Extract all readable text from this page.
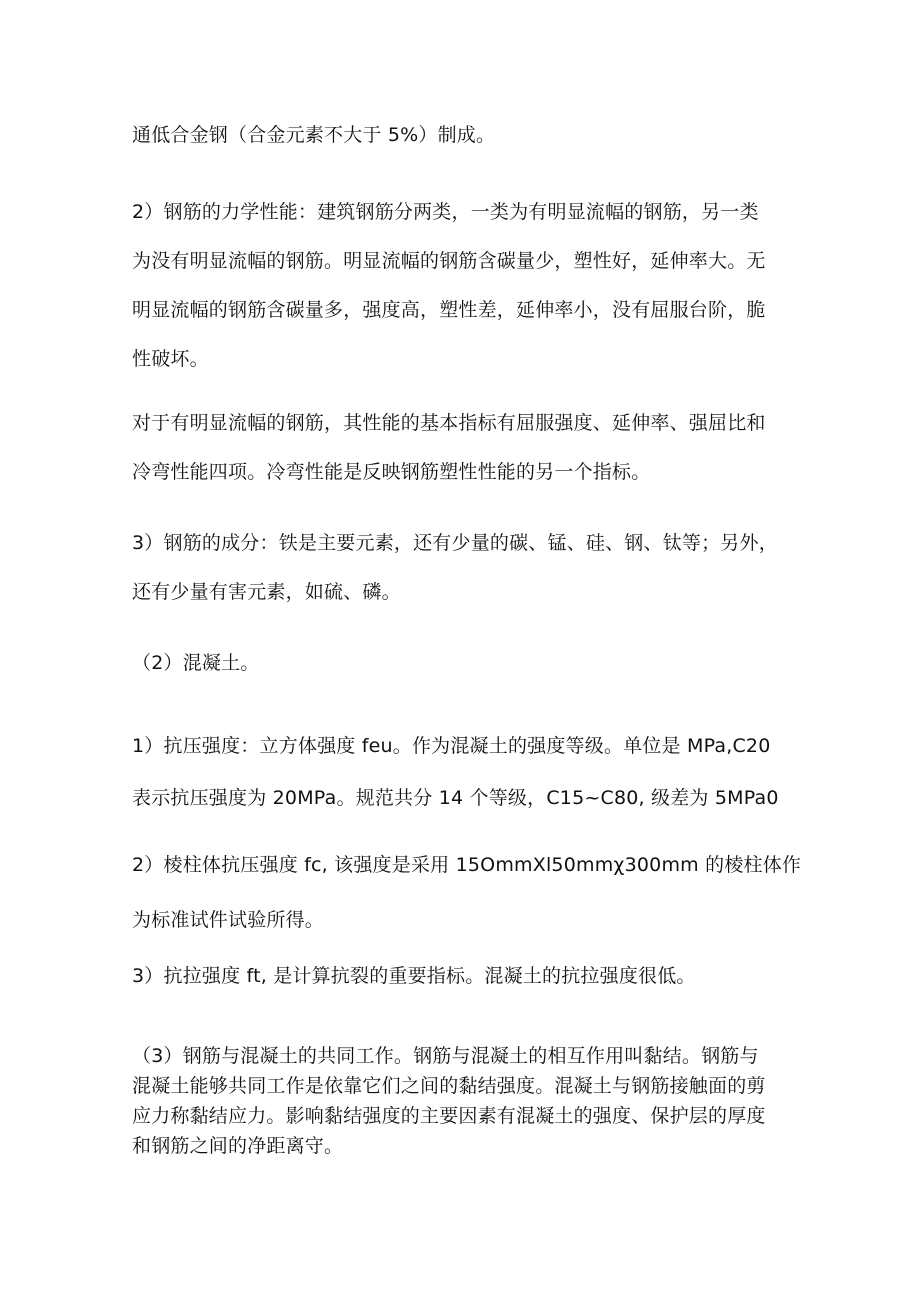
通低合金钢（合金元素不大于 5%）制成。

2）钢筋的力学性能：建筑钢筋分两类，一类为有明显流幅的钢筋，另一类
为没有明显流幅的钢筋。明显流幅的钢筋含碳量少，塑性好，延伸率大。无
明显流幅的钢筋含碳量多，强度高，塑性差，延伸率小，没有屈服台阶，脆
性破坏。

对于有明显流幅的钢筋，其性能的基本指标有屈服强度、延伸率、强屈比和
冷弯性能四项。冷弯性能是反映钢筋塑性性能的另一个指标。

3）钢筋的成分：铁是主要元素，还有少量的碳、锰、硅、钢、钛等；另外，
还有少量有害元素，如硫、磷。

（2）混凝土。

1）抗压强度：立方体强度 feu。作为混凝土的强度等级。单位是 MPa,C20
表示抗压强度为 20MPa。规范共分 14 个等级，C15~C80, 级差为 5MPa0

2）棱柱体抗压强度 fc, 该强度是采用 15OmmXl50mmχ300mm 的棱柱体作
为标准试件试验所得。

3）抗拉强度 ft, 是计算抗裂的重要指标。混凝土的抗拉强度很低。

（3）钢筋与混凝土的共同工作。钢筋与混凝土的相互作用叫黏结。钢筋与
混凝土能够共同工作是依靠它们之间的黏结强度。混凝土与钢筋接触面的剪
应力称黏结应力。影响黏结强度的主要因素有混凝土的强度、保护层的厚度
和钢筋之间的净距离守。
